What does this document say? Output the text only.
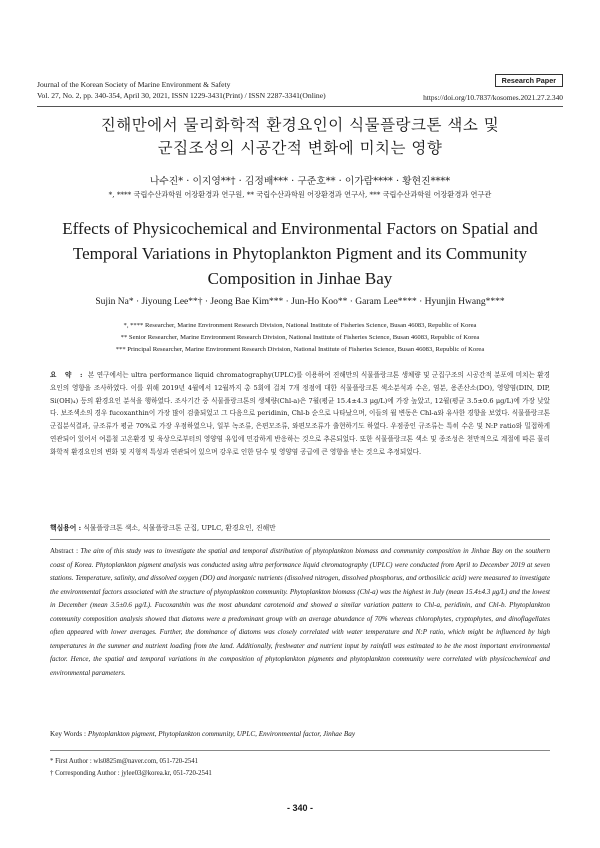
Journal of the Korean Society of Marine Environment & Safety
Vol. 27, No. 2, pp. 340-354, April 30, 2021, ISSN 1229-3431(Print) / ISSN 2287-3341(Online)
Research Paper
https://doi.org/10.7837/kosomes.2021.27.2.340
진해만에서 물리화학적 환경요인이 식물플랑크톤 색소 및
군집조성의 시공간적 변화에 미치는 영향
나수진* · 이지영**† · 김정배*** · 구준호** · 이가람**** · 황현진****
*, **** 국립수산과학원 어장환경과 연구원, ** 국립수산과학원 어장환경과 연구사, *** 국립수산과학원 어장환경과 연구관
Effects of Physicochemical and Environmental Factors on Spatial and
Temporal Variations in Phytoplankton Pigment and its Community
Composition in Jinhae Bay
Sujin Na* · Jiyoung Lee**† · Jeong Bae Kim*** · Jun-Ho Koo** · Garam Lee**** · Hyunjin Hwang****
*, **** Researcher, Marine Environment Research Division, National Institute of Fisheries Science, Busan 46083, Republic of Korea
** Senior Researcher, Marine Environment Research Division, National Institute of Fisheries Science, Busan 46083, Republic of Korea
*** Principal Researcher, Marine Environment Research Division, National Institute of Fisheries Science, Busan 46083, Republic of Korea
요 약 : 본 연구에서는 ultra performance liquid chromatography(UPLC)를 이용하여 진해만의 식물플랑크톤 생체량 및 군집구조의 시공간적 분포에 미치는 환경요인의 영향을 조사하였다. 이를 위해 2019년 4월에서 12월까지 총 5회에 걸쳐 7개 정점에 대한 식물플랑크톤 색소분석과 수온, 염분, 용존산소(DO), 영양염(DIN, DIP, Si(OH)₄) 등의 환경요인 분석을 행하였다. 조사기간 중 식물플랑크톤의 생체량(Chl-a)은 7월(평균 15.4±4.3 μg/L)에 가장 높았고, 12월(평균 3.5±0.6 μg/L)에 가장 낮았다. 보조색소의 경우 fucoxanthin이 가장 많이 검출되었고 그 다음으로 peridinin, Chl-b 순으로 나타났으며, 이들의 월 변동은 Chl-a와 유사한 경향을 보였다. 식물플랑크톤 군집분석결과, 규조류가 평균 70%로 가장 우점하였으나, 일부 녹조류, 은편모조류, 와편모조류가 출현하기도 하였다. 우점종인 규조류는 특히 수온 및 N:P ratio와 밀접하게 연관되어 있어서 여름철 고온환경 및 육상으로부터의 영양염 유입에 민감하게 반응하는 것으로 추론되었다. 또한 식물플랑크톤 색소 및 종조성은 천만적으로 계절에 따른 물리화학적 환경요인의 변화 및 지형적 특성과 연관되어 있으며 강우로 인한 담수 및 영양염 공급에 큰 영향을 받는 것으로 추정되었다.
핵심용어 : 식물플랑크톤 색소, 식물플랑크톤 군집, UPLC, 환경요인, 진해만
Abstract : The aim of this study was to investigate the spatial and temporal distribution of phytoplankton biomass and community composition in Jinhae Bay on the southern coast of Korea. Phytoplankton pigment analysis was conducted using ultra performance liquid chromatography (UPLC) were conducted from April to December 2019 at seven stations. Temperature, salinity, and dissolved oxygen (DO) and inorganic nutrients (dissolved nitrogen, dissolved phosphorus, and orthosilicic acid) were measured to investigate the environmental factors associated with the structure of phytoplankton community. Phytoplankton biomass (Chl-a) was the highest in July (mean 15.4±4.3 μg/L) and the lowest in December (mean 3.5±0.6 μg/L). Fucoxanthin was the most abundant carotenoid and showed a similar variation pattern to Chl-a, peridinin, and Chl-b. Phytoplankton community composition analysis showed that diatoms were a predominant group with an average abundance of 70% whereas chlorophytes, cryptophytes, and dinoflagellates often appeared with lower averages. Further, the dominance of diatoms was closely correlated with water temperature and N:P ratio, which might be influenced by high temperatures in the summer and nutrient loading from the land. Additionally, freshwater and nutrient input by rainfall was estimated to be the most important environmental factor. Hence, the spatial and temporal variations in the composition of phytoplankton pigments and phytoplankton community were correlated with physicochemical and environmental parameters.
Key Words : Phytoplankton pigment, Phytoplankton community, UPLC, Environmental factor, Jinhae Bay
* First Author : wls0825m@naver.com, 051-720-2541
† Corresponding Author : jylee03@korea.kr, 051-720-2541
- 340 -
